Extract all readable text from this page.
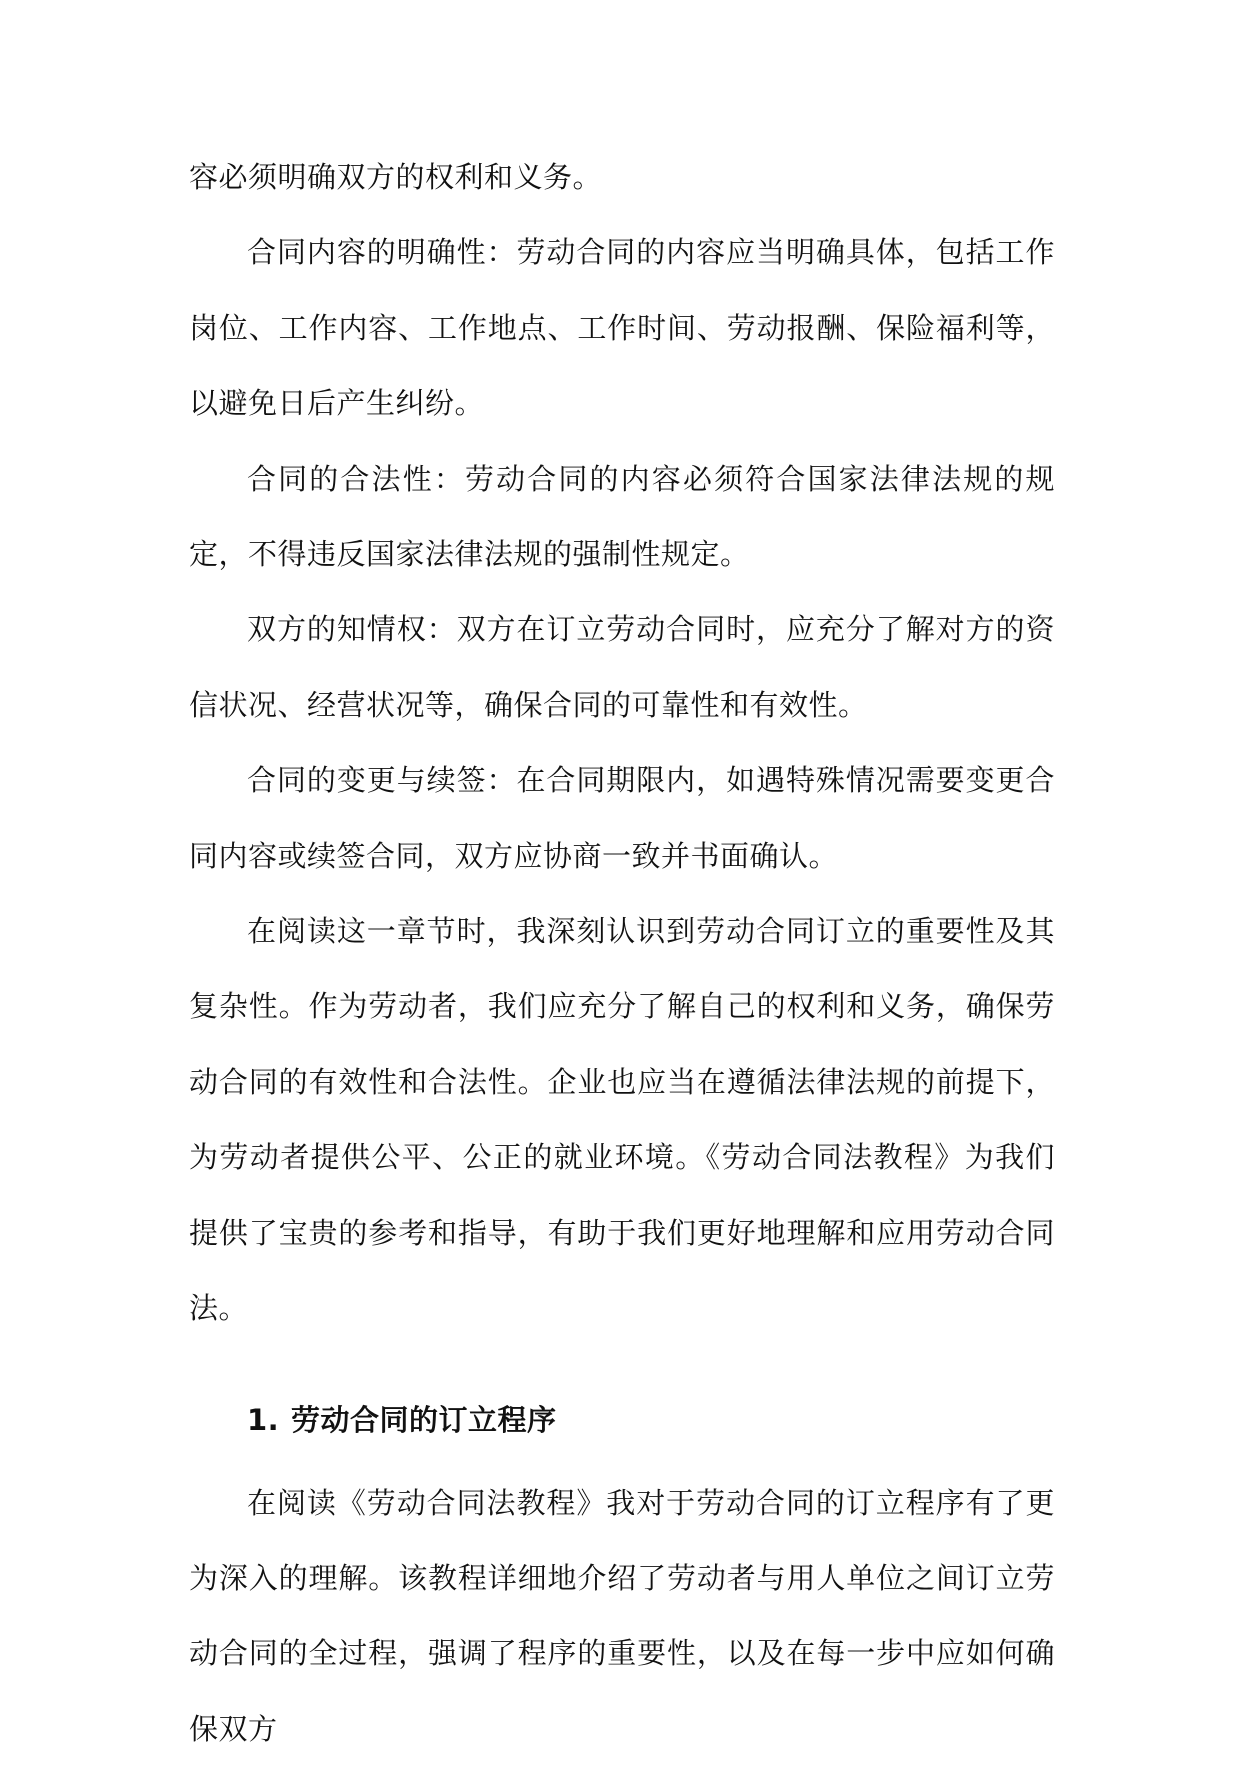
容必须明确双方的权利和义务。

合同内容的明确性：劳动合同的内容应当明确具体，包括工作岗位、工作内容、工作地点、工作时间、劳动报酬、保险福利等，以避免日后产生纠纷。

合同的合法性：劳动合同的内容必须符合国家法律法规的规定，不得违反国家法律法规的强制性规定。

双方的知情权：双方在订立劳动合同时，应充分了解对方的资信状况、经营状况等，确保合同的可靠性和有效性。

合同的变更与续签：在合同期限内，如遇特殊情况需要变更合同内容或续签合同，双方应协商一致并书面确认。

在阅读这一章节时，我深刻认识到劳动合同订立的重要性及其复杂性。作为劳动者，我们应充分了解自己的权利和义务，确保劳动合同的有效性和合法性。企业也应当在遵循法律法规的前提下，为劳动者提供公平、公正的就业环境。《劳动合同法教程》为我们提供了宝贵的参考和指导，有助于我们更好地理解和应用劳动合同法。

1. 劳动合同的订立程序

在阅读《劳动合同法教程》我对于劳动合同的订立程序有了更为深入的理解。该教程详细地介绍了劳动者与用人单位之间订立劳动合同的全过程，强调了程序的重要性，以及在每一步中应如何确保双方
